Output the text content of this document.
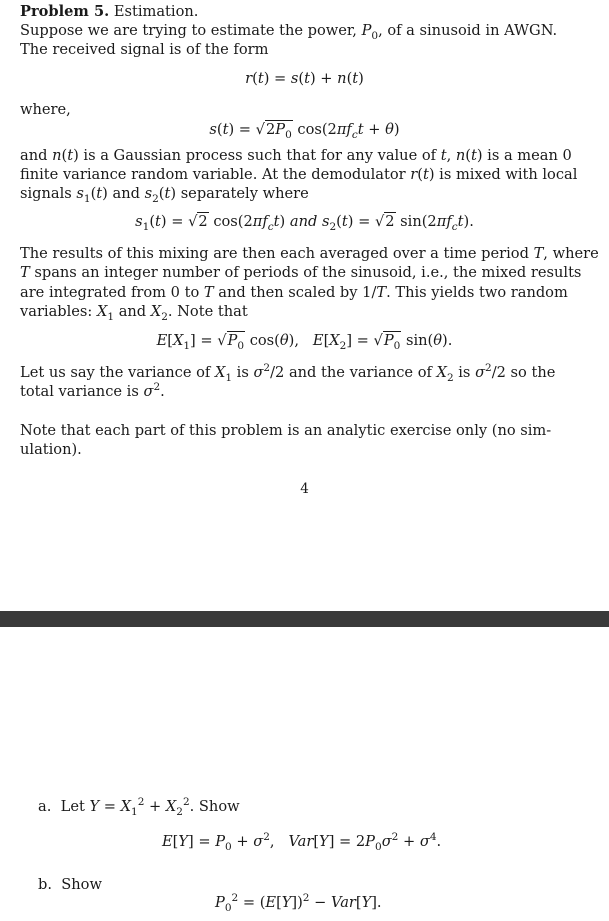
Problem 5. Estimation.
Suppose we are trying to estimate the power, $P_0$, of a sinusoid in AWGN.
The received signal is of the form
r(t) = s(t) + n(t)
where,
$s(t) = √2P_0$ $\cos(2\pi f_ct + \theta)$
and n(t) is a Gaussian process such that for any value of t, n(t) is a mean 0
finite variance random variable. At the demodulator r(t) is mixed with local
signals $s_1(t)$ and $s_2(t)$ separately where
$s_1(t) = √2$ $\cos(2\pi f_ct)$ and $s_2(t) = √2$ $\sin(2\pi f_ct)$.
The results of this mixing are then each averaged over a time period T, where
T spans an integer number of periods of the sinusoid, i.e., the mixed results
are integrated from 0 to T and then scaled by 1/T. This yields two random
variables: $X_1$ and $X_2$. Note that
$E[X_1] = √P_0$ cos(θ),   $E[X_2] = √P_0$ sin(θ).
Let us say the variance of $X_1$ is $\sigma^2/2$ and the variance of $X_2$ is $\sigma^2/2$ so the
total variance is $\sigma^2$.
Note that each part of this problem is an analytic exercise only (no sim-
ulation).
4
a.  Let $Y = X_1^2 + X_2^2$. Show
$E[Y] = P_0 + \sigma^2$,   $Var[Y] = 2P_0\sigma^2 + \sigma^4$.
b. Show
$P_0^2 = (E[Y])^2 - Var[Y]$.
